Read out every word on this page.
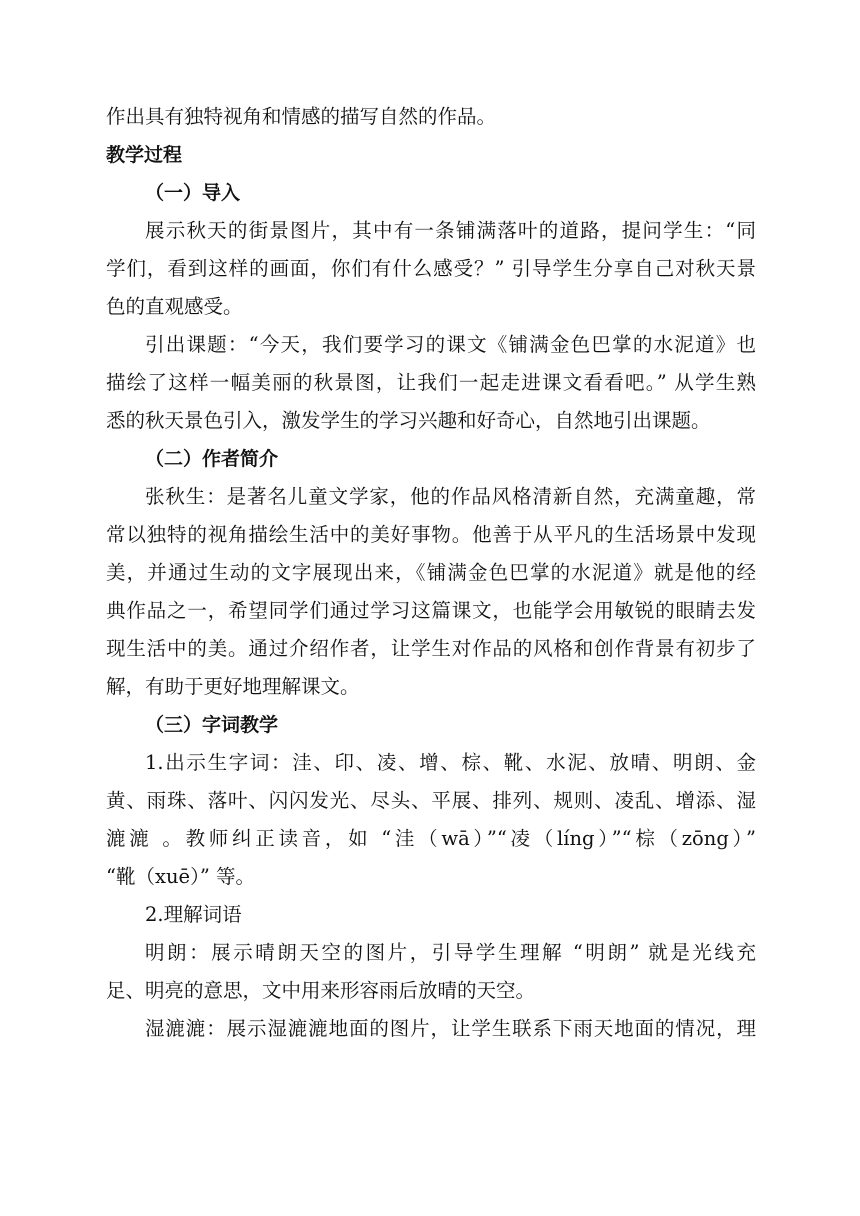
作出具有独特视角和情感的描写自然的作品。
教学过程
（一）导入
展示秋天的街景图片，其中有一条铺满落叶的道路，提问学生：“同
学们，看到这样的画面，你们有什么感受？” 引导学生分享自己对秋天景
色的直观感受。
引出课题：“今天，我们要学习的课文《铺满金色巴掌的水泥道》也
描绘了这样一幅美丽的秋景图，让我们一起走进课文看看吧。” 从学生熟
悉的秋天景色引入，激发学生的学习兴趣和好奇心，自然地引出课题。
（二）作者简介
张秋生：是著名儿童文学家，他的作品风格清新自然，充满童趣，常
常以独特的视角描绘生活中的美好事物。他善于从平凡的生活场景中发现
美，并通过生动的文字展现出来，《铺满金色巴掌的水泥道》就是他的经
典作品之一，希望同学们通过学习这篇课文，也能学会用敏锐的眼睛去发
现生活中的美。通过介绍作者，让学生对作品的风格和创作背景有初步了
解，有助于更好地理解课文。
（三）字词教学
1.出示生字词：洼、印、凌、增、棕、靴、水泥、放晴、明朗、金
黄、雨珠、落叶、闪闪发光、尽头、平展、排列、规则、凌乱、增添、湿
漉漉 。教师纠正读音，如 “洼（wā）”“凌（líng）”“棕（zōng）”
“靴（xuē）” 等。
2.理解词语
明朗：展示晴朗天空的图片，引导学生理解 “明朗” 就是光线充
足、明亮的意思，文中用来形容雨后放晴的天空。
湿漉漉：展示湿漉漉地面的图片，让学生联系下雨天地面的情况，理
